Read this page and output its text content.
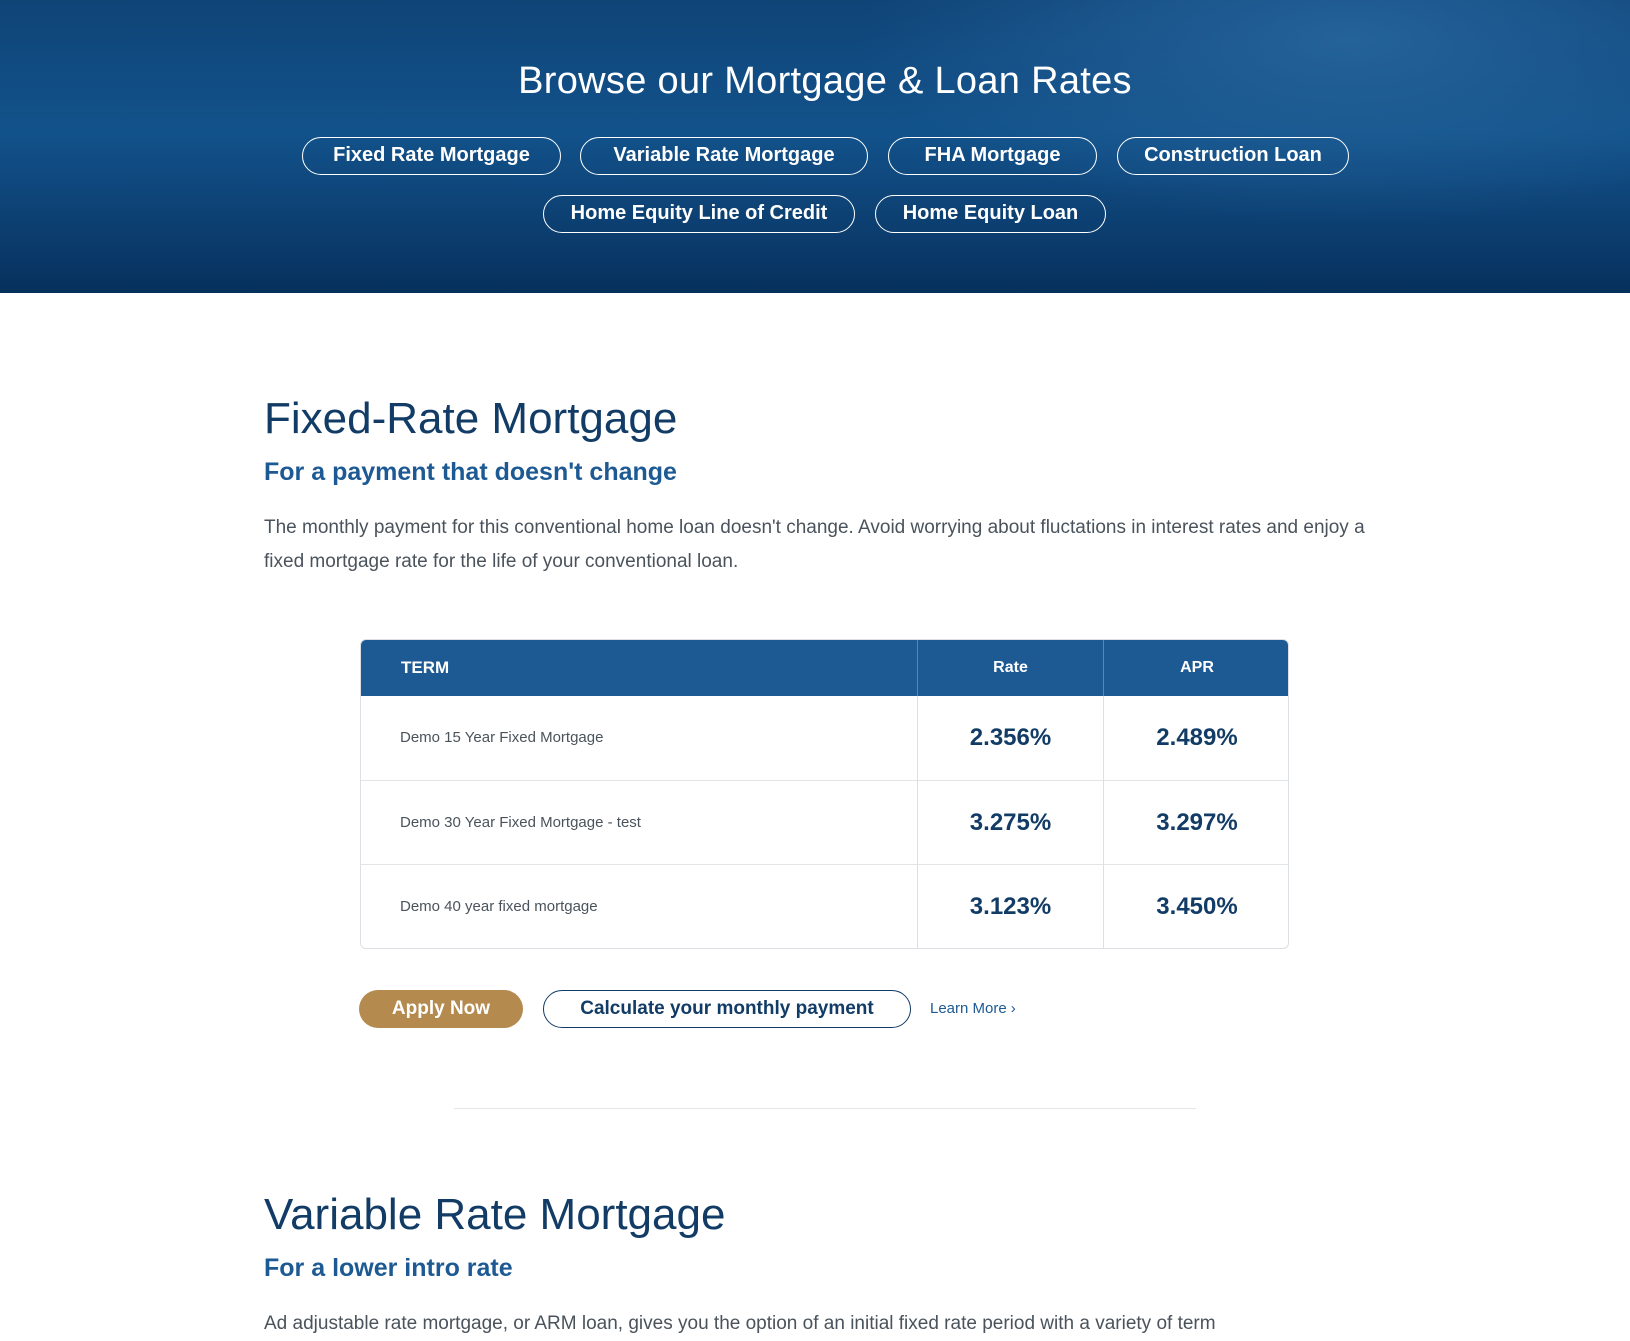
Browse our Mortgage & Loan Rates
Fixed Rate Mortgage	Variable Rate Mortgage	FHA Mortgage	Construction Loan
Home Equity Line of Credit	Home Equity Loan
Fixed-Rate Mortgage
For a payment that doesn't change

The monthly payment for this conventional home loan doesn't change. Avoid worrying about fluctations in interest rates and enjoy a fixed mortgage rate for the life of your conventional loan.

TERM	Rate	APR
Demo 15 Year Fixed Mortgage	2.356%	2.489%
Demo 30 Year Fixed Mortgage - test	3.275%	3.297%
Demo 40 year fixed mortgage	3.123%	3.450%
Apply Now	Calculate your monthly payment	Learn More ›
Variable Rate Mortgage
For a lower intro rate

Ad adjustable rate mortgage, or ARM loan, gives you the option of an initial fixed rate period with a variety of term
